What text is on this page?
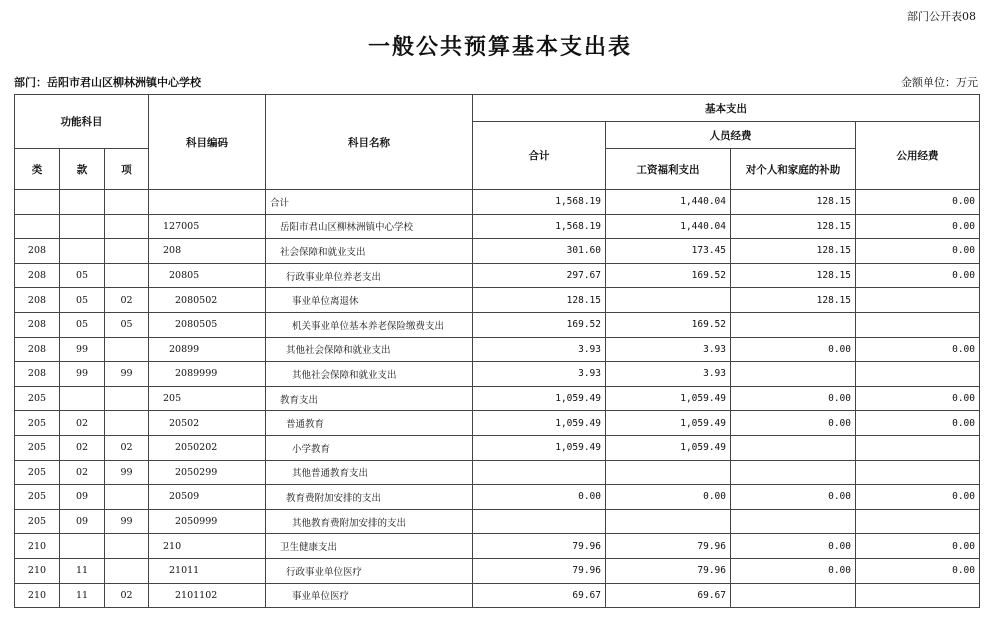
部门公开表08
一般公共预算基本支出表
部门：岳阳市君山区柳林洲镇中心学校	金额单位：万元
功能科目			科目编码	科目名称	基本支出			
					合计	人员经费		公用经费
类	款	项				工资福利支出	对个人和家庭的补助	
				合计	1,568.19	1,440.04	128.15	0.00
			127005	岳阳市君山区柳林洲镇中心学校	1,568.19	1,440.04	128.15	0.00
208			208	社会保障和就业支出	301.60	173.45	128.15	0.00
208	05		20805	行政事业单位养老支出	297.67	169.52	128.15	0.00
208	05	02	2080502	事业单位离退休	128.15		128.15	
208	05	05	2080505	机关事业单位基本养老保险缴费支出	169.52	169.52		
208	99		20899	其他社会保障和就业支出	3.93	3.93	0.00	0.00
208	99	99	2089999	其他社会保障和就业支出	3.93	3.93		
205			205	教育支出	1,059.49	1,059.49	0.00	0.00
205	02		20502	普通教育	1,059.49	1,059.49	0.00	0.00
205	02	02	2050202	小学教育	1,059.49	1,059.49		
205	02	99	2050299	其他普通教育支出				
205	09		20509	教育费附加安排的支出	0.00	0.00	0.00	0.00
205	09	99	2050999	其他教育费附加安排的支出				
210			210	卫生健康支出	79.96	79.96	0.00	0.00
210	11		21011	行政事业单位医疗	79.96	79.96	0.00	0.00
210	11	02	2101102	事业单位医疗	69.67	69.67		
